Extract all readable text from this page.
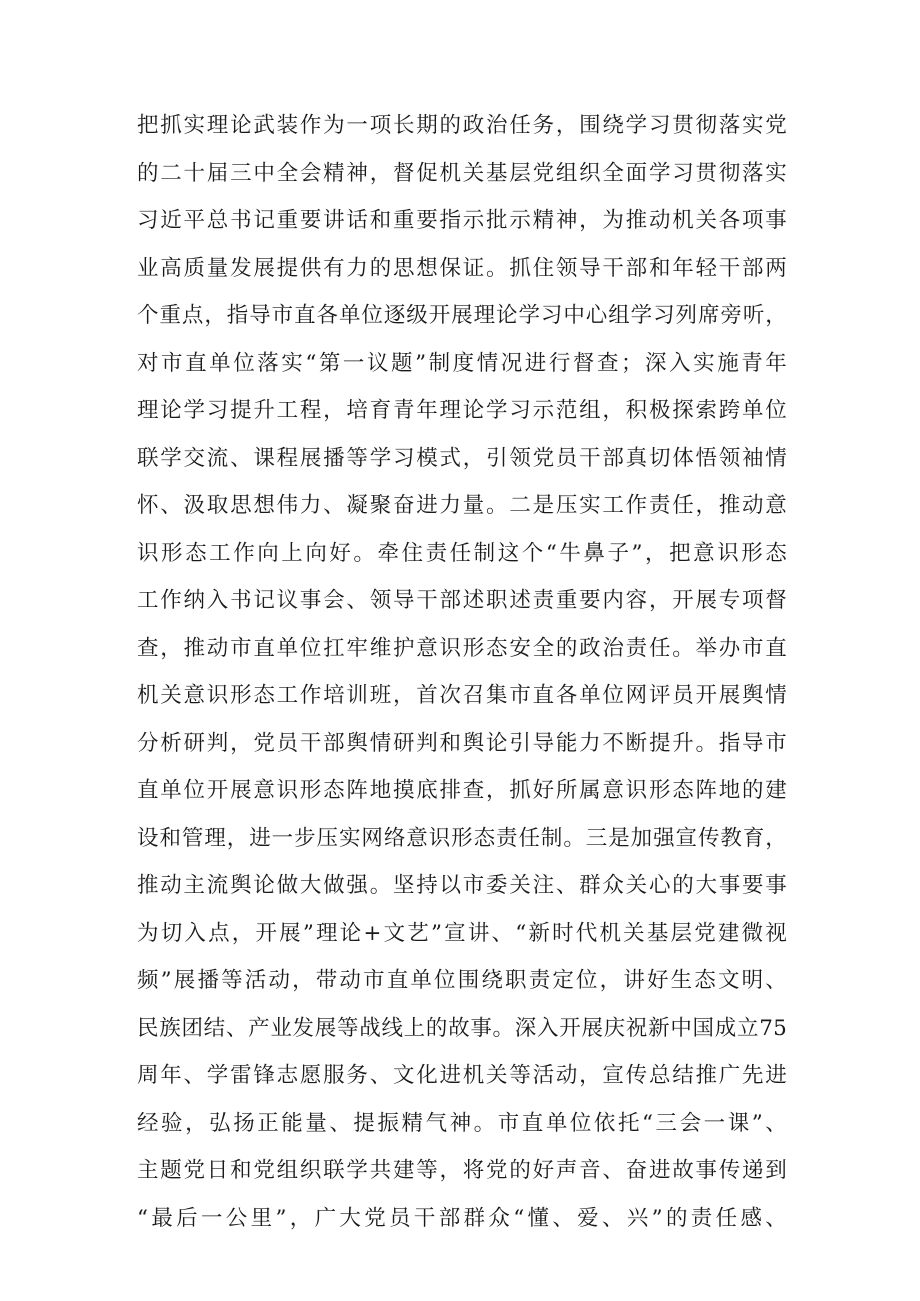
把抓实理论武装作为一项长期的政治任务，围绕学习贯彻落实党
的二十届三中全会精神，督促机关基层党组织全面学习贯彻落实
习近平总书记重要讲话和重要指示批示精神，为推动机关各项事
业高质量发展提供有力的思想保证。抓住领导干部和年轻干部两
个重点，指导市直各单位逐级开展理论学习中心组学习列席旁听，
对市直单位落实“第一议题”制度情况进行督查；深入实施青年
理论学习提升工程，培育青年理论学习示范组，积极探索跨单位
联学交流、课程展播等学习模式，引领党员干部真切体悟领袖情
怀、汲取思想伟力、凝聚奋进力量。二是压实工作责任，推动意
识形态工作向上向好。牵住责任制这个“牛鼻子”，把意识形态
工作纳入书记议事会、领导干部述职述责重要内容，开展专项督
查，推动市直单位扛牢维护意识形态安全的政治责任。举办市直
机关意识形态工作培训班，首次召集市直各单位网评员开展舆情
分析研判，党员干部舆情研判和舆论引导能力不断提升。指导市
直单位开展意识形态阵地摸底排查，抓好所属意识形态阵地的建
设和管理，进一步压实网络意识形态责任制。三是加强宣传教育，
推动主流舆论做大做强。坚持以市委关注、群众关心的大事要事
为切入点，开展”理论+文艺”宣讲、“新时代机关基层党建微视
频”展播等活动，带动市直单位围绕职责定位，讲好生态文明、
民族团结、产业发展等战线上的故事。深入开展庆祝新中国成立75
周年、学雷锋志愿服务、文化进机关等活动，宣传总结推广先进
经验，弘扬正能量、提振精气神。市直单位依托“三会一课”、
主题党日和党组织联学共建等，将党的好声音、奋进故事传递到
“最后一公里”，广大党员干部群众“懂、爱、兴”的责任感、
